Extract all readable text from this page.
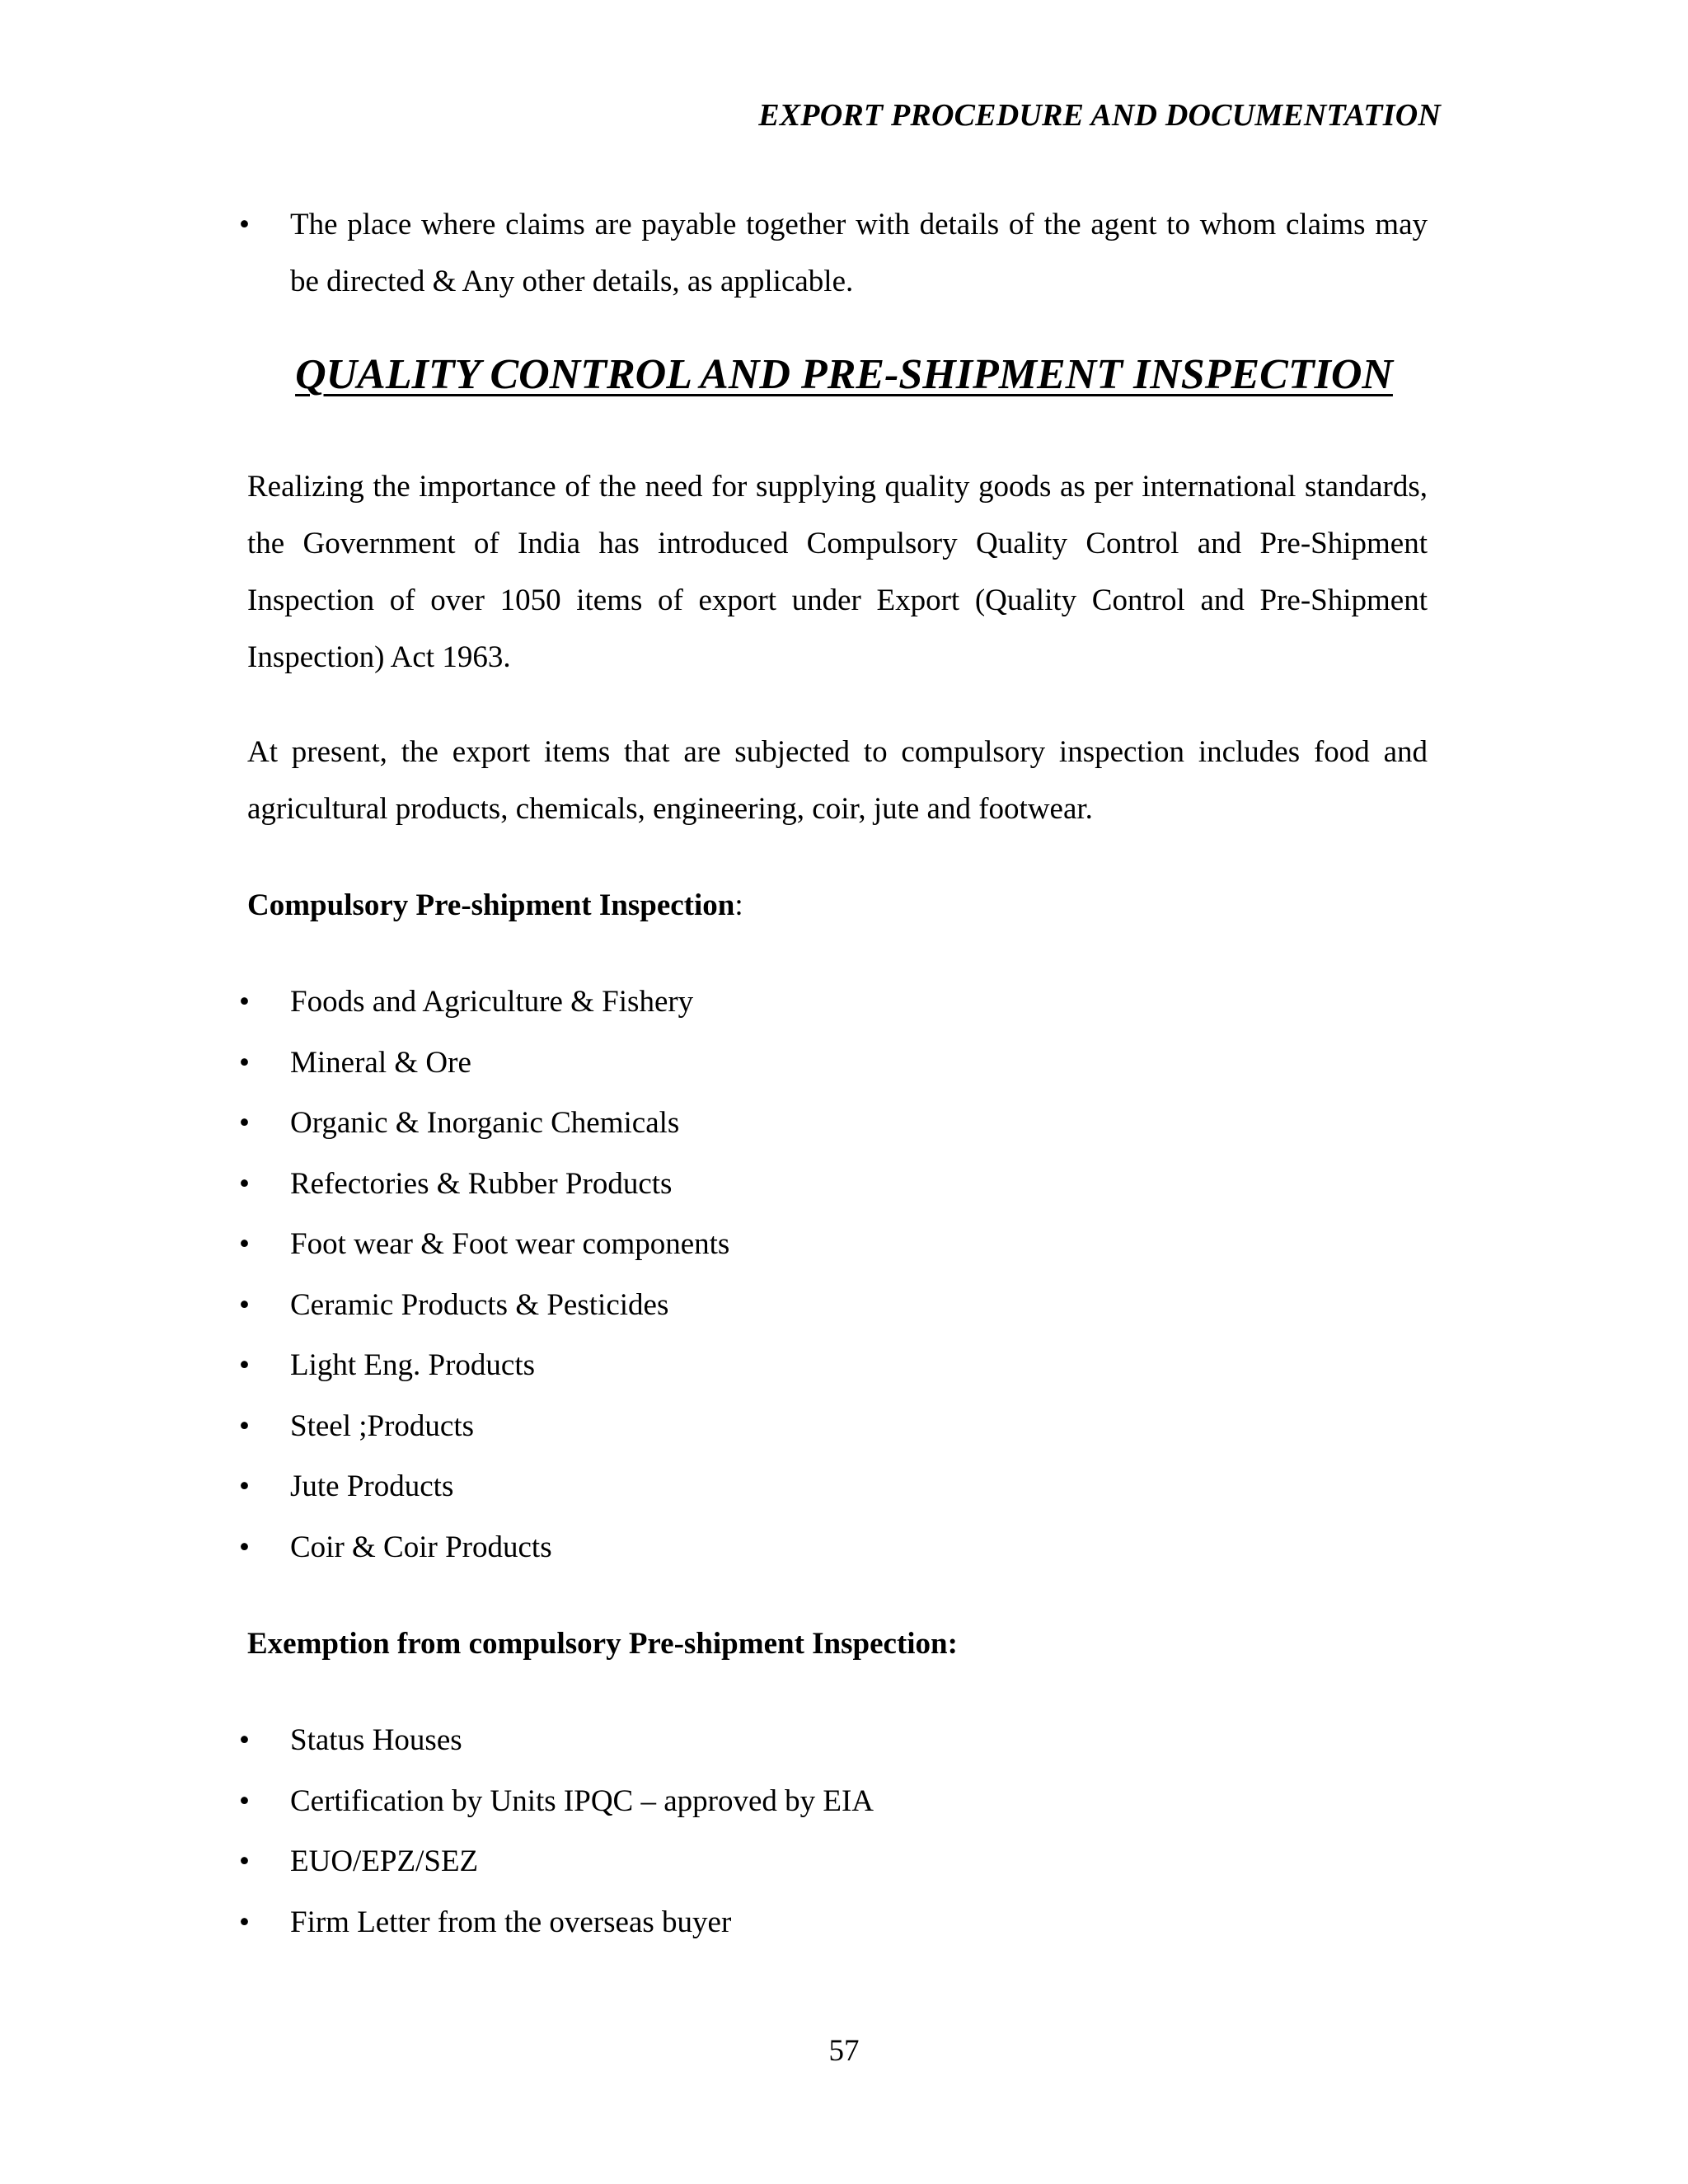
EXPORT PROCEDURE AND DOCUMENTATION
• The place where claims are payable together with details of the agent to whom claims may be directed & Any other details, as applicable.
QUALITY CONTROL AND PRE-SHIPMENT INSPECTION
Realizing the importance of the need for supplying quality goods as per international standards, the Government of India has introduced Compulsory Quality Control and Pre-Shipment Inspection of over 1050 items of export under Export (Quality Control and Pre-Shipment Inspection) Act 1963.
At present, the export items that are subjected to compulsory inspection includes food and agricultural products, chemicals, engineering, coir, jute and footwear.
Compulsory Pre-shipment Inspection:
• Foods and Agriculture & Fishery
• Mineral & Ore
• Organic & Inorganic Chemicals
• Refectories & Rubber Products
• Foot wear & Foot wear components
• Ceramic Products & Pesticides
• Light Eng. Products
• Steel ;Products
• Jute Products
• Coir & Coir Products
Exemption from compulsory Pre-shipment Inspection:
• Status Houses
• Certification by Units IPQC – approved by EIA
• EUO/EPZ/SEZ
• Firm Letter from the overseas buyer
57
